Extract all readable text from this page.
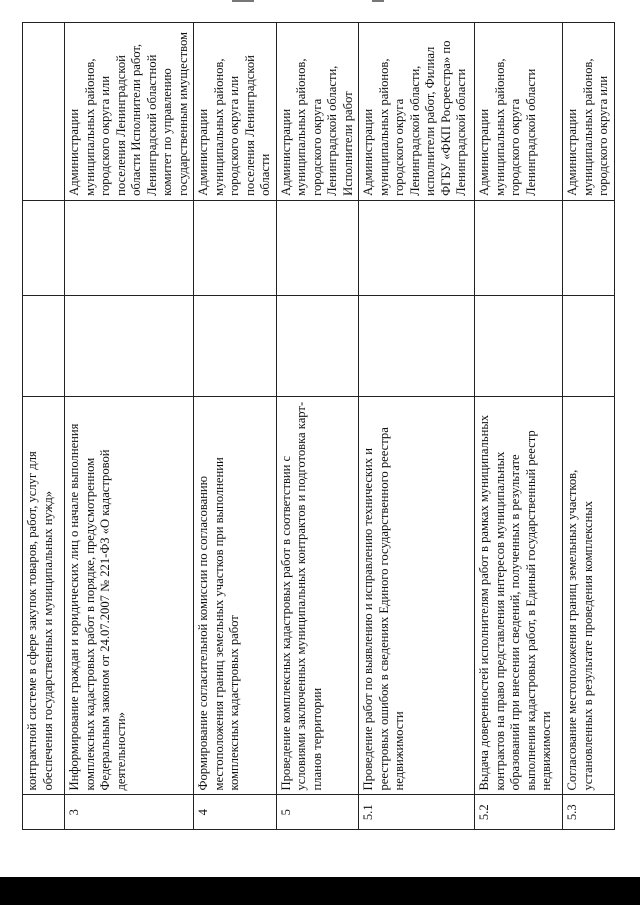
	контрактной системе в сфере закупок товаров, работ, услуг для обеспечения государственных и муниципальных нужд»			
3	Информирование граждан и юридических лиц о начале выполнения комплексных кадастровых работ в порядке, предусмотренном Федеральным законом от 24.07.2007 № 221-ФЗ «О кадастровой деятельности»			Администрации муниципальных районов, городского округа или поселения Ленинградской области Исполнители работ, Ленинградский областной комитет по управлению государственным имуществом
4	Формирование согласительной комиссии по согласованию местоположения границ земельных участков при выполнении комплексных кадастровых работ			Администрации муниципальных районов, городского округа или поселения Ленинградской области
5	Проведение комплексных кадастровых работ в соответствии с условиями заключенных муниципальных контрактов и подготовка карт-планов территории			Администрации муниципальных районов, городского округа Ленинградской области, Исполнители работ
5.1	Проведение работ по выявлению и исправлению технических и реестровых ошибок в сведениях Единого государственного реестра недвижимости			Администрации муниципальных районов, городского округа Ленинградской области, исполнители работ, Филиал ФГБУ «ФКП Росреестра» по Ленинградской области
5.2	Выдача доверенностей исполнителям работ в рамках муниципальных контрактов на право представления интересов муниципальных образований при внесении сведений, полученных в результате выполнения кадастровых работ, в Единый государственный реестр недвижимости			Администрации муниципальных районов, городского округа Ленинградской области
5.3	Согласование местоположения границ земельных участков, установленных в результате проведения комплексных			Администрации муниципальных районов, городского округа или
